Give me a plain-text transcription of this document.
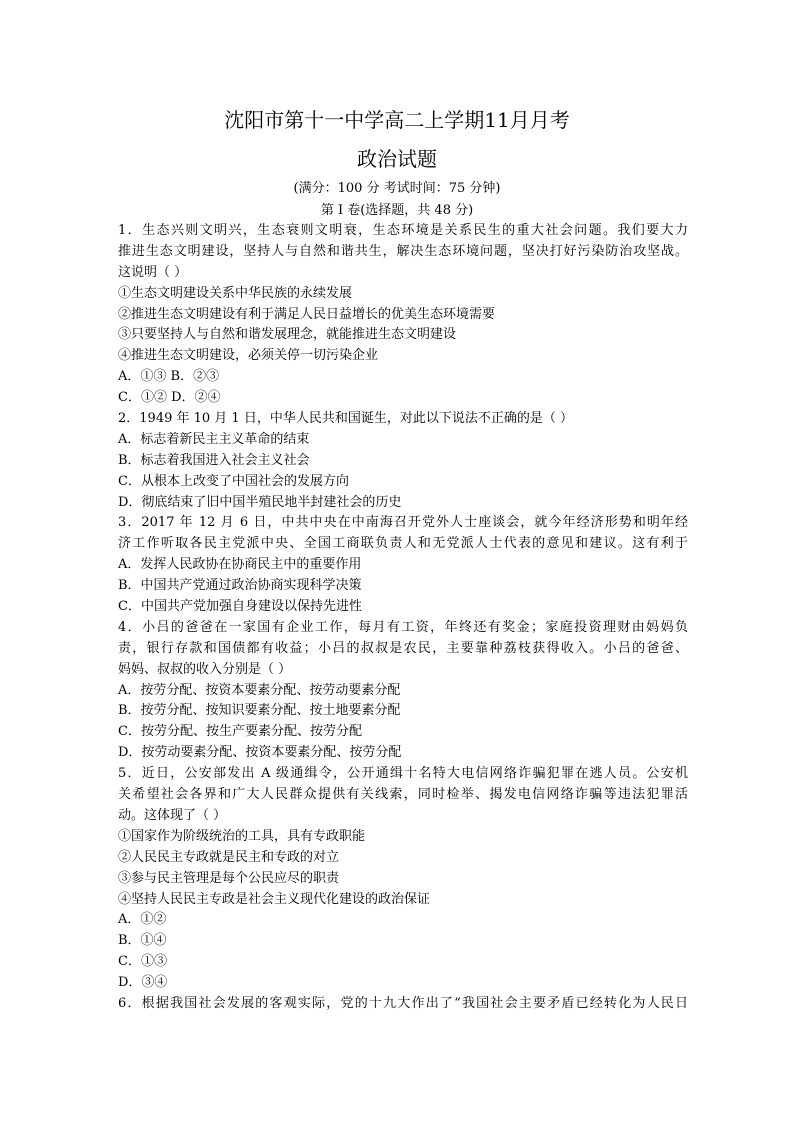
沈阳市第十一中学高二上学期11月月考
政治试题
(满分：100 分 考试时间：75 分钟)
第 I 卷(选择题，共 48 分)
1．生态兴则文明兴，生态衰则文明衰，生态环境是关系民生的重大社会问题。我们要大力
推进生态文明建设，坚持人与自然和谐共生，解决生态环境问题，坚决打好污染防治攻坚战。
这说明（ ）
①生态文明建设关系中华民族的永续发展
②推进生态文明建设有利于满足人民日益增长的优美生态环境需要
③只要坚持人与自然和谐发展理念，就能推进生态文明建设
④推进生态文明建设，必须关停一切污染企业
A．①③ B．②③
C．①② D．②④
2．1949 年 10 月 1 日，中华人民共和国诞生，对此以下说法不正确的是（ ）
A．标志着新民主主义革命的结束
B．标志着我国进入社会主义社会
C．从根本上改变了中国社会的发展方向
D．彻底结束了旧中国半殖民地半封建社会的历史
3．2017 年 12 月 6 日，中共中央在中南海召开党外人士座谈会，就今年经济形势和明年经
济工作听取各民主党派中央、全国工商联负责人和无党派人士代表的意见和建议。这有利于
A．发挥人民政协在协商民主中的重要作用
B．中国共产党通过政治协商实现科学决策
C．中国共产党加强自身建设以保持先进性
4．小吕的爸爸在一家国有企业工作，每月有工资，年终还有奖金；家庭投资理财由妈妈负
责，银行存款和国债都有收益；小吕的叔叔是农民，主要靠种荔枝获得收入。小吕的爸爸、
妈妈、叔叔的收入分别是（ ）
A．按劳分配、按资本要素分配、按劳动要素分配
B．按劳分配、按知识要素分配、按土地要素分配
C．按劳分配、按生产要素分配、按劳分配
D．按劳动要素分配、按资本要素分配、按劳分配
5．近日，公安部发出 A 级通缉令，公开通缉十名特大电信网络诈骗犯罪在逃人员。公安机
关希望社会各界和广大人民群众提供有关线索，同时检举、揭发电信网络诈骗等违法犯罪活
动。这体现了（ ）
①国家作为阶级统治的工具，具有专政职能
②人民民主专政就是民主和专政的对立
③参与民主管理是每个公民应尽的职责
④坚持人民民主专政是社会主义现代化建设的政治保证
A．①②
B．①④
C．①③
D．③④
6．根据我国社会发展的客观实际，党的十九大作出了“我国社会主要矛盾已经转化为人民日
